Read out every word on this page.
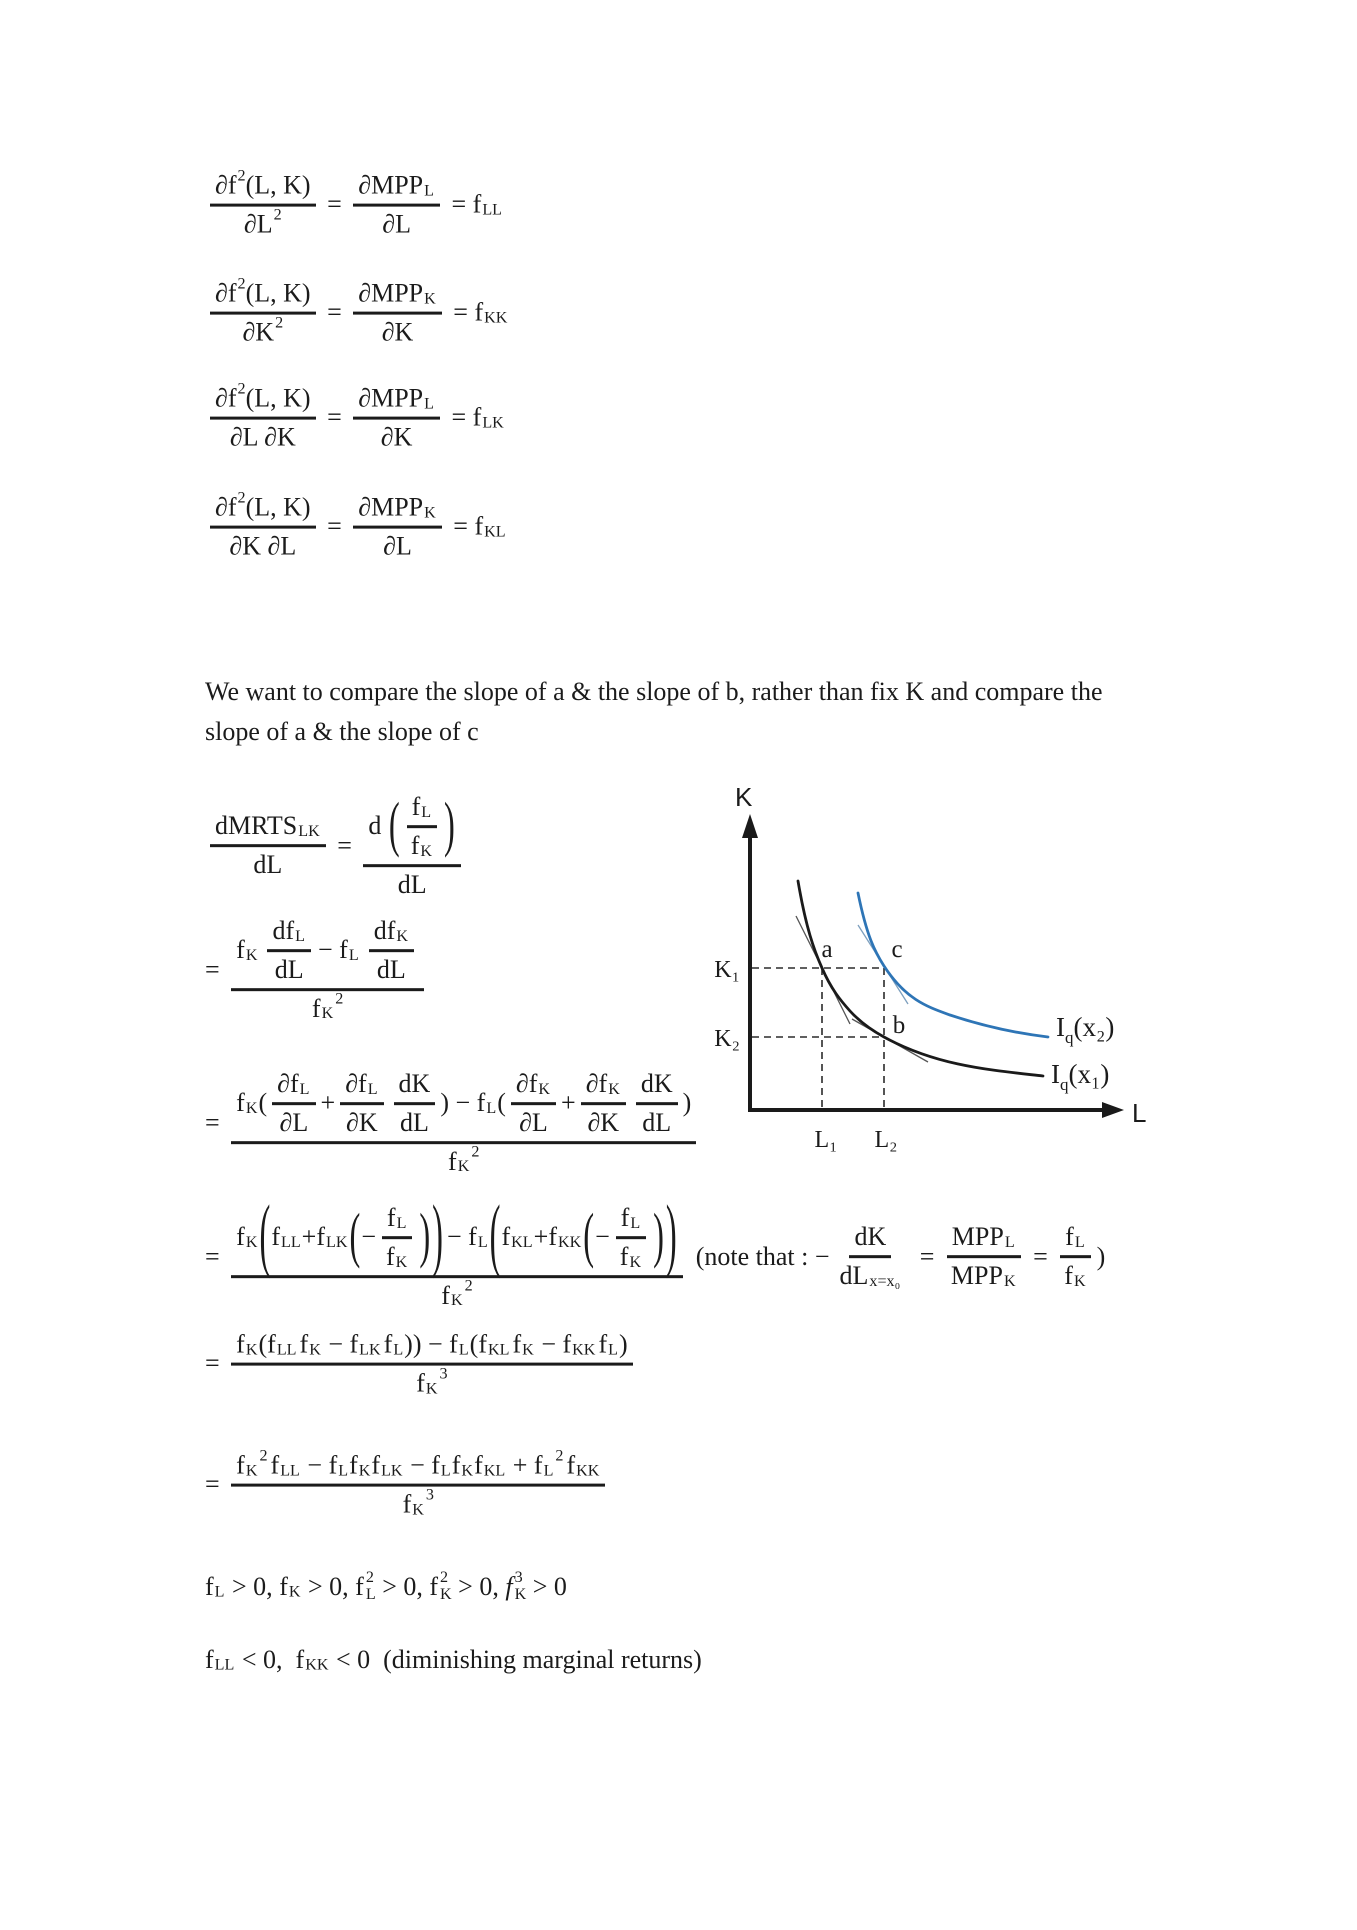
$\frac{\partial f 2 (L, K)}{\partial L 2} = \frac{\text{∂MPP L}}{\partial L} = f$ LL
$\frac{\partial f 2 (L, K)}{\partial K 2} = \frac{\text{∂MPP K}}{\partial K} = f$ KK
$\frac{\partial f 2 (L, K)}{\partial L \partial K} = \frac{\text{∂MPP L}}{\partial K} = f$ LK
$\frac{\partial f 2 (L, K)}{\partial K \partial L} = \frac{\text{∂MPP K}}{\partial L} = f$ KL
We want to compare the slope of a & the slope of b, rather than fix K and compare the
slope of a & the slope of c
$\frac{\text{dMRTS LK}}{dL} = \frac{d ( \frac{\text{f L}}{\text{f K}} )}{dL}$
= f K $\frac{\text{df L}}{dL} - f$ L $\frac{\text{df K}}{dL}$
f K
2
= f K ( $\frac{\text{∂f L}}{\partial L} + \frac{\text{∂f L}}{\partial K} \frac{dK}{dL}$ ) − f L ( $\frac{\text{∂f K}}{\partial L} + \frac{\text{∂f K}}{\partial K} \frac{dK}{dL}$ )
f K
2
= f K ( f LL + f LK ( − $\frac{\text{f L}}{\text{f K}}$ ) ) − f L ( f KL + f KK ( − $\frac{\text{f L}}{\text{f K}}$ ) )
f K
2 (note that : − $\frac{dK}{\text{dL x=x₀}} = \frac{\text{MPP L}}{\text{MPP K}} = \frac{\text{f L}}{\text{f K}}$ )
= f K ( f LL f K − f LK f L )) − f L ( f KL f K − f KK f L )
f K
3
= f K
2 f LL − f L f K f LK − f L f K f KL + f L
2 f KK
f K
3
f L > 0, f K > 0, f 2
L > 0, f 2
K > 0, f 3
K > 0
f LL < 0, f KK < 0  (diminishing marginal returns)
K
L
K₁
K₂
L₁ L₂
a
b
c
$I_q(x_2)$
$I_q(x_1)$
